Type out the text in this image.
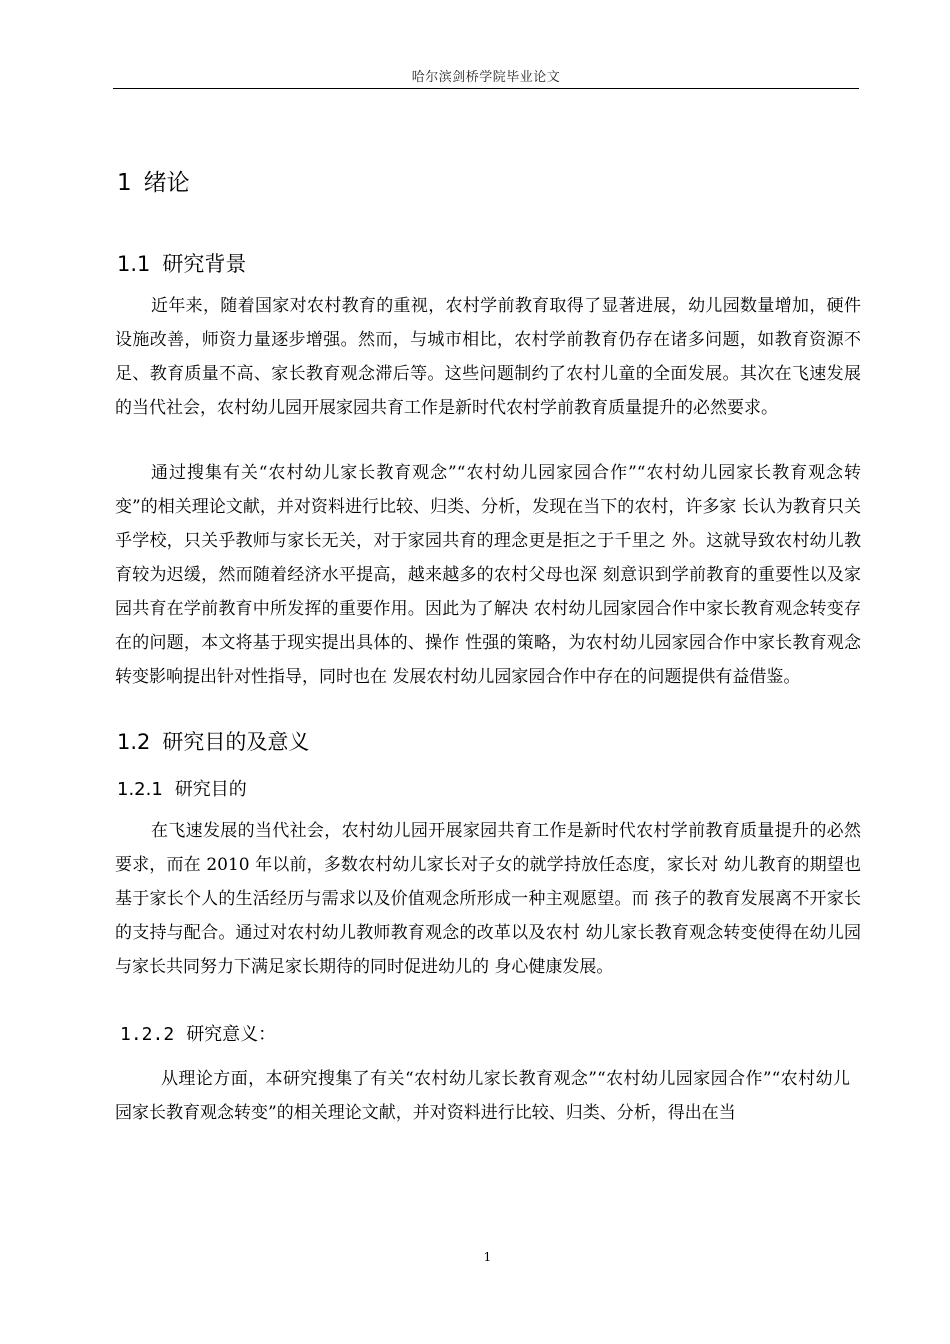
哈尔滨剑桥学院毕业论文
1 绪论
1.1 研究背景

近年来，随着国家对农村教育的重视，农村学前教育取得了显著进展，幼儿园数量增加，硬件设施改善，师资力量逐步增强。然而，与城市相比，农村学前教育仍存在诸多问题，如教育资源不足、教育质量不高、家长教育观念滞后等。这些问题制约了农村儿童的全面发展。其次在飞速发展的当代社会，农村幼儿园开展家园共育工作是新时代农村学前教育质量提升的必然要求。

通过搜集有关“农村幼儿家长教育观念”“农村幼儿园家园合作”“农村幼儿园家长教育观念转变”的相关理论文献，并对资料进行比较、归类、分析，发现在当下的农村，许多家 长认为教育只关乎学校，只关乎教师与家长无关，对于家园共育的理念更是拒之于千里之 外。这就导致农村幼儿教育较为迟缓，然而随着经济水平提高，越来越多的农村父母也深 刻意识到学前教育的重要性以及家园共育在学前教育中所发挥的重要作用。因此为了解决 农村幼儿园家园合作中家长教育观念转变存在的问题，本文将基于现实提出具体的、操作 性强的策略，为农村幼儿园家园合作中家长教育观念转变影响提出针对性指导，同时也在 发展农村幼儿园家园合作中存在的问题提供有益借鉴。

1.2 研究目的及意义
1.2.1 研究目的

在飞速发展的当代社会，农村幼儿园开展家园共育工作是新时代农村学前教育质量提升的必然要求，而在 2010 年以前，多数农村幼儿家长对子女的就学持放任态度，家长对 幼儿教育的期望也基于家长个人的生活经历与需求以及价值观念所形成一种主观愿望。而 孩子的教育发展离不开家长的支持与配合。通过对农村幼儿教师教育观念的改革以及农村 幼儿家长教育观念转变使得在幼儿园与家长共同努力下满足家长期待的同时促进幼儿的 身心健康发展。

1.2.2 研究意义：

从理论方面，本研究搜集了有关“农村幼儿家长教育观念”“农村幼儿园家园合作”“农村幼儿园家长教育观念转变”的相关理论文献，并对资料进行比较、归类、分析，得出在当

1
